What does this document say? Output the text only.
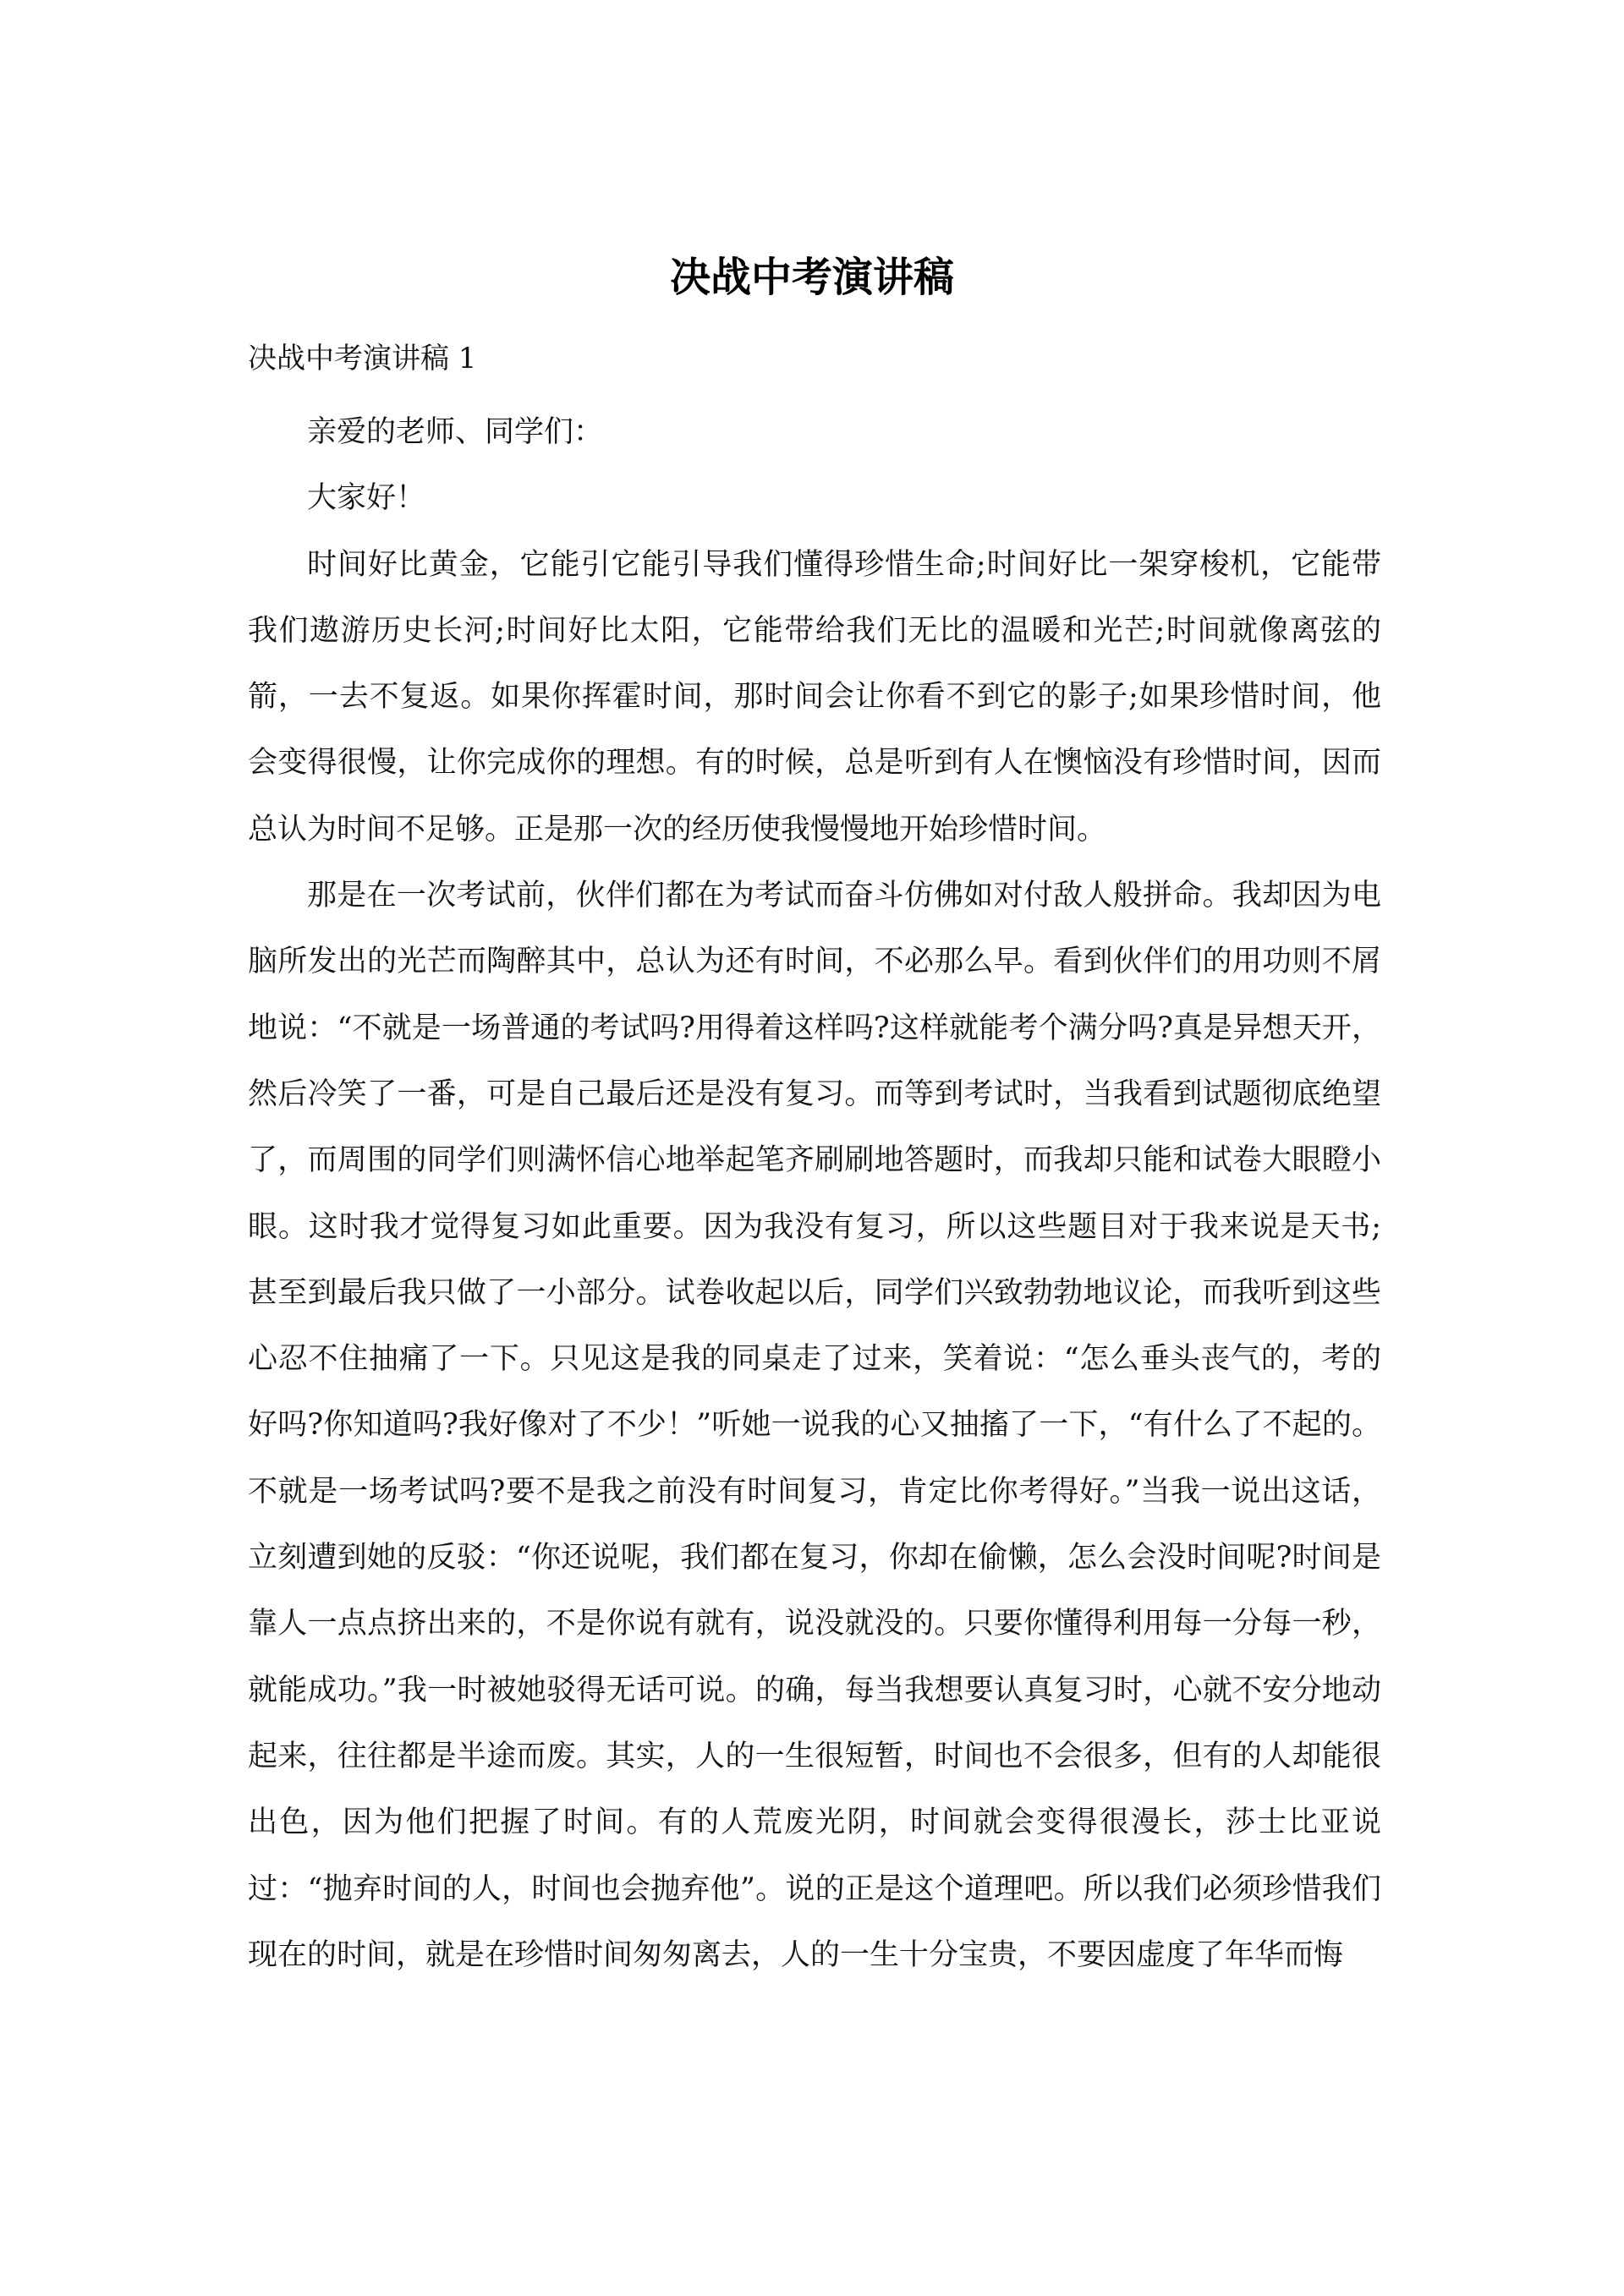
决战中考演讲稿
决战中考演讲稿 1

亲爱的老师、同学们：

大家好！

时间好比黄金，它能引它能引导我们懂得珍惜生命;时间好比一架穿梭机，它能带我们遨游历史长河;时间好比太阳，它能带给我们无比的温暖和光芒;时间就像离弦的箭，一去不复返。如果你挥霍时间，那时间会让你看不到它的影子;如果珍惜时间，他会变得很慢，让你完成你的理想。有的时候，总是听到有人在懊恼没有珍惜时间，因而总认为时间不足够。正是那一次的经历使我慢慢地开始珍惜时间。

那是在一次考试前，伙伴们都在为考试而奋斗仿佛如对付敌人般拼命。我却因为电脑所发出的光芒而陶醉其中，总认为还有时间，不必那么早。看到伙伴们的用功则不屑地说：“不就是一场普通的考试吗?用得着这样吗?这样就能考个满分吗?真是异想天开，然后冷笑了一番，可是自己最后还是没有复习。而等到考试时，当我看到试题彻底绝望了，而周围的同学们则满怀信心地举起笔齐刷刷地答题时，而我却只能和试卷大眼瞪小眼。这时我才觉得复习如此重要。因为我没有复习，所以这些题目对于我来说是天书;甚至到最后我只做了一小部分。试卷收起以后，同学们兴致勃勃地议论，而我听到这些心忍不住抽痛了一下。只见这是我的同桌走了过来，笑着说：“怎么垂头丧气的，考的好吗?你知道吗?我好像对了不少！”听她一说我的心又抽搐了一下，“有什么了不起的。不就是一场考试吗?要不是我之前没有时间复习，肯定比你考得好。”当我一说出这话，立刻遭到她的反驳：“你还说呢，我们都在复习，你却在偷懒，怎么会没时间呢?时间是靠人一点点挤出来的，不是你说有就有，说没就没的。只要你懂得利用每一分每一秒，就能成功。”我一时被她驳得无话可说。的确，每当我想要认真复习时，心就不安分地动起来，往往都是半途而废。其实，人的一生很短暂，时间也不会很多，但有的人却能很出色，因为他们把握了时间。有的人荒废光阴，时间就会变得很漫长，莎士比亚说过：“抛弃时间的人，时间也会抛弃他”。说的正是这个道理吧。所以我们必须珍惜我们现在的时间，就是在珍惜时间匆匆离去，人的一生十分宝贵，不要因虚度了年华而悔
